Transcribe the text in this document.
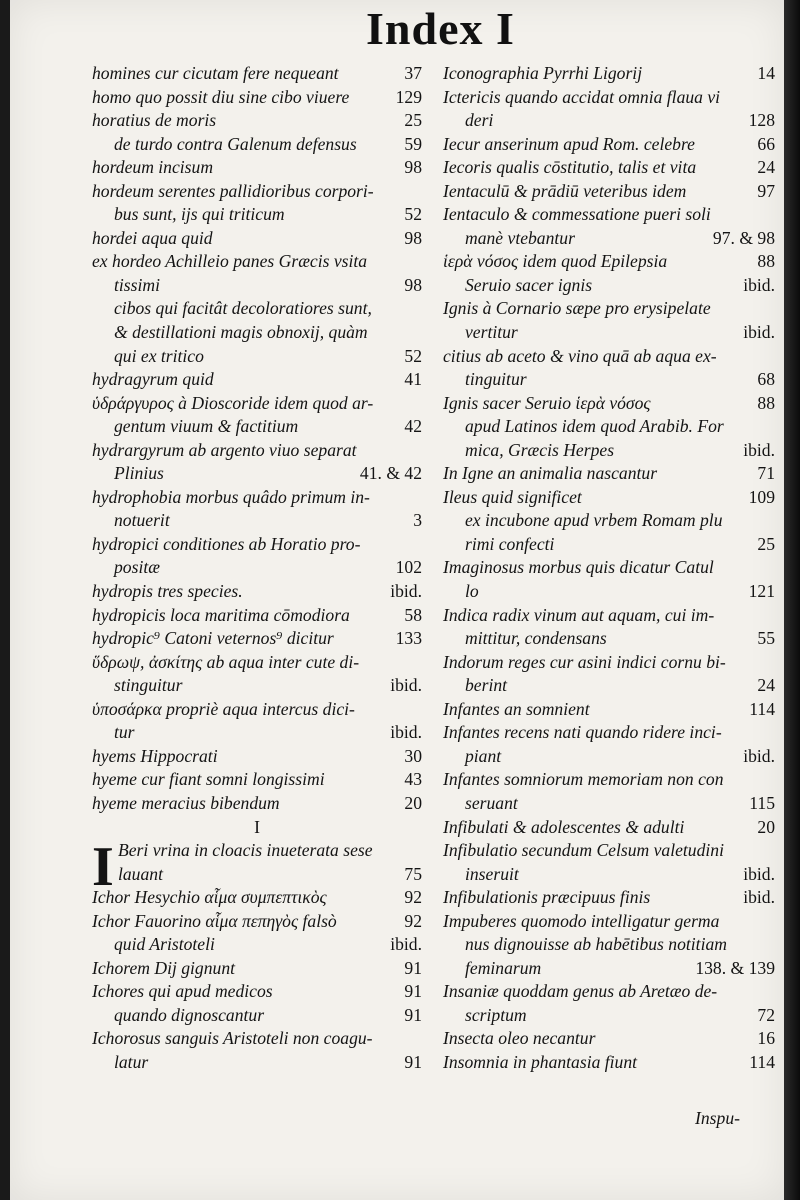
Index I
homines cur cicutam fere nequeant	37
homo quo possit diu sine cibo viuere	129
horatius de moris	25
de turdo contra Galenum defensus	59
hordeum incisum	98
hordeum serentes pallidioribus corpori-
bus sunt, ijs qui triticum	52
hordei aqua quid	98
ex hordeo Achilleio panes Græcis vsita
tissimi	98
cibos qui facitât decoloratiores sunt,
& destillationi magis obnoxij, quàm
qui ex tritico	52
hydragyrum quid	41
ὑδράργυρος à Dioscoride idem quod ar-
gentum viuum & factitium	42
hydrargyrum ab argento viuo separat
Plinius	41. & 42
hydrophobia morbus quâdo primum in-
notuerit	3
hydropici conditiones ab Horatio pro-
positæ	102
hydropis tres species.	ibid.
hydropicis loca maritima cōmodiora	58
hydropic⁹ Catoni veternos⁹ dicitur	133
ὕδρωψ, ἀσκίτης ab aqua inter cute di-
stinguitur	ibid.
ὑποσάρκα propriè aqua intercus dici-
tur	ibid.
hyems Hippocrati	30
hyeme cur fiant somni longissimi	43
hyeme meracius bibendum	20
I
I Beri vrina in cloacis inueterata sese
lauant	75
Ichor Hesychio αἷμα συμπεπτικὸς	92
Ichor Fauorino αἷμα πεπηγὸς falsò	92
quid Aristoteli	ibid.
Ichorem Dij gignunt	91
Ichores qui apud medicos	91
quando dignoscantur	91
Ichorosus sanguis Aristoteli non coagu-
latur	91
Iconographia Pyrrhi Ligorij	14
Ictericis quando accidat omnia flaua vi
deri	128
Iecur anserinum apud Rom. celebre	66
Iecoris qualis cōstitutio, talis et vita	24
Ientaculū & prādiū veteribus idem	97
Ientaculo & commessatione pueri soli
manè vtebantur	97. & 98
ἱερὰ νόσος idem quod Epilepsia	88
Seruio sacer ignis	ibid.
Ignis à Cornario sæpe pro erysipelate
vertitur	ibid.
citius ab aceto & vino quā ab aqua ex-
tinguitur	68
Ignis sacer Seruio ἱερὰ νόσος	88
apud Latinos idem quod Arabib. For
mica, Græcis Herpes	ibid.
In Igne an animalia nascantur	71
Ileus quid significet	109
ex incubone apud vrbem Romam plu
rimi confecti	25
Imaginosus morbus quis dicatur Catul
lo	121
Indica radix vinum aut aquam, cui im-
mittitur, condensans	55
Indorum reges cur asini indici cornu bi-
berint	24
Infantes an somnient	114
Infantes recens nati quando ridere inci-
piant	ibid.
Infantes somniorum memoriam non con
seruant	115
Infibulati & adolescentes & adulti	20
Infibulatio secundum Celsum valetudini
inseruit	ibid.
Infibulationis præcipuus finis	ibid.
Impuberes quomodo intelligatur germa
nus dignouisse ab habētibus notitiam
feminarum	138. & 139
Insaniæ quoddam genus ab Aretæo de-
scriptum	72
Insecta oleo necantur	16
Insomnia in phantasia fiunt	114
Inspu-
